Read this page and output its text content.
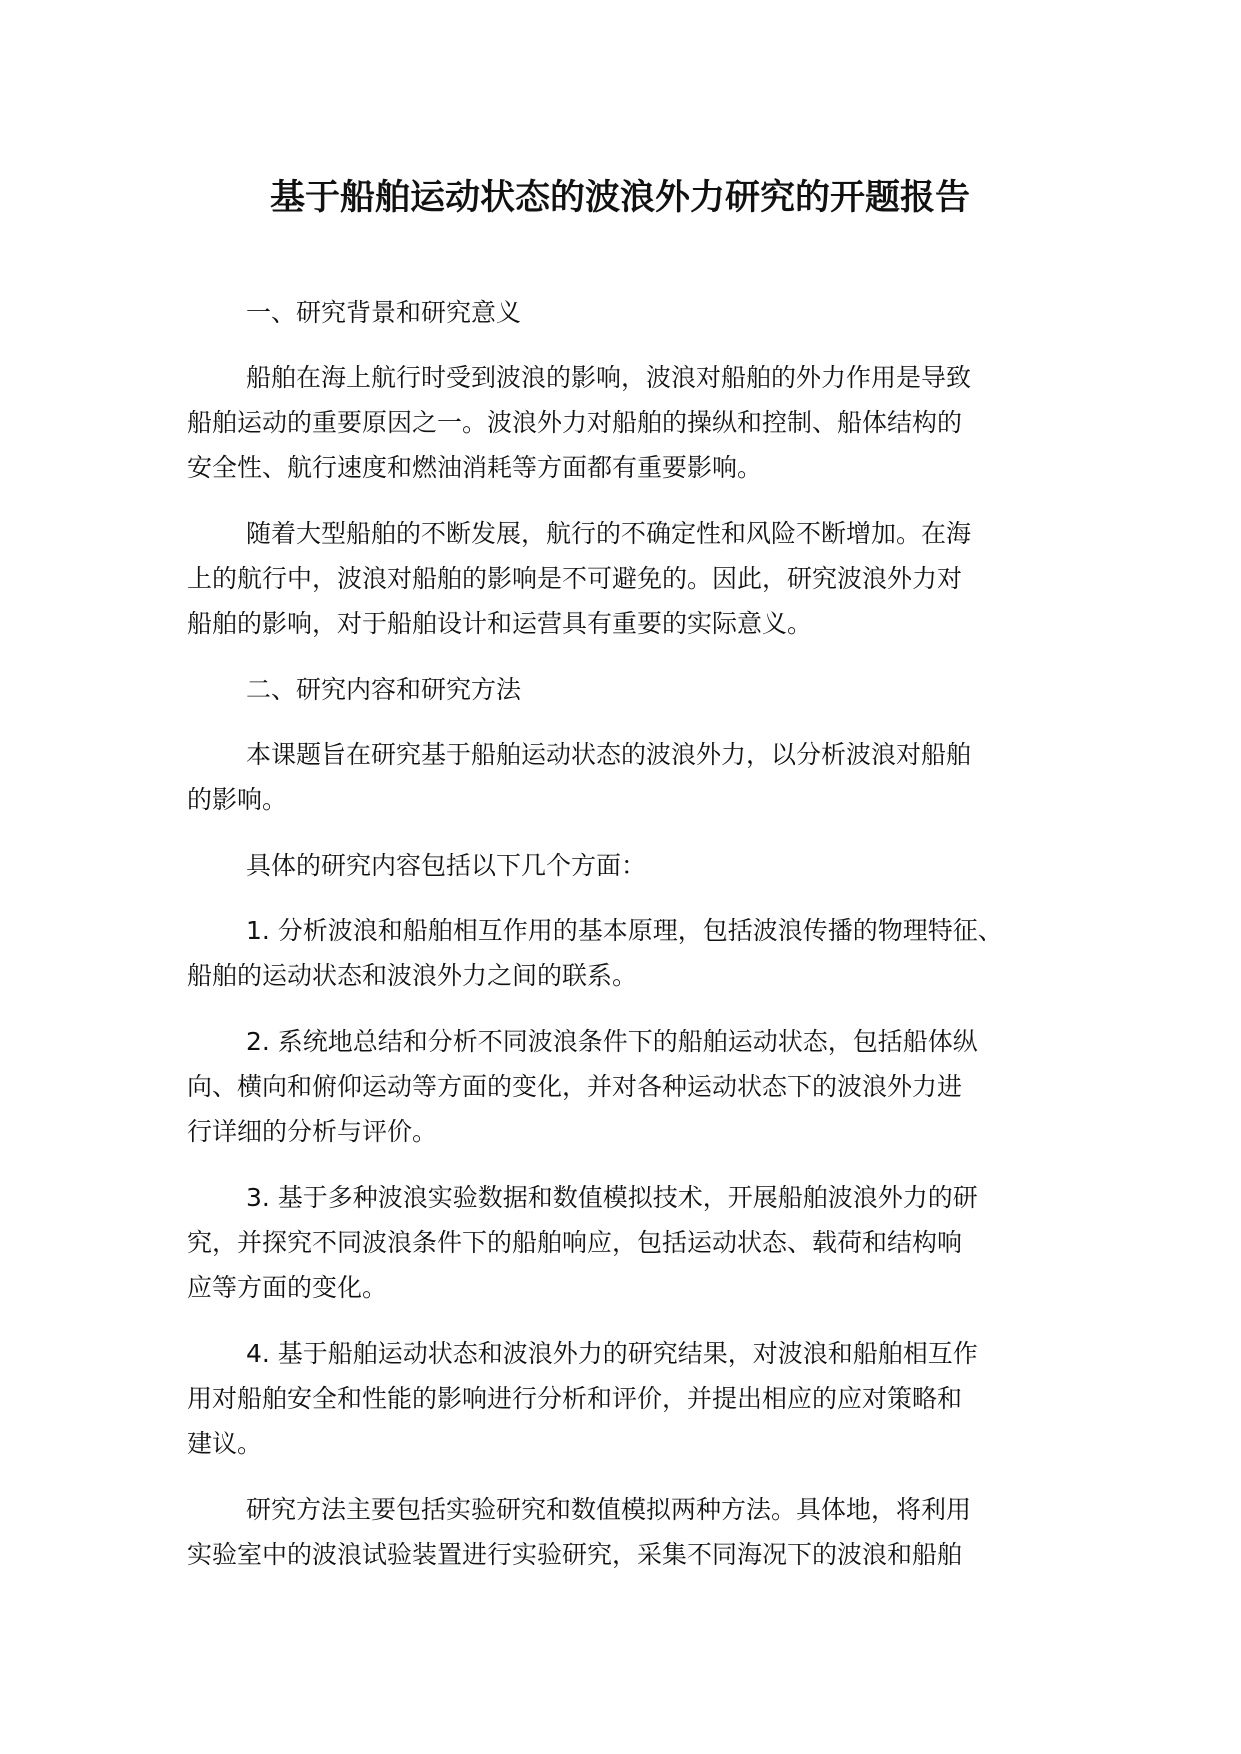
基于船舶运动状态的波浪外力研究的开题报告

一、研究背景和研究意义

船舶在海上航行时受到波浪的影响，波浪对船舶的外力作用是导致

船舶运动的重要原因之一。波浪外力对船舶的操纵和控制、船体结构的

安全性、航行速度和燃油消耗等方面都有重要影响。

随着大型船舶的不断发展，航行的不确定性和风险不断增加。在海

上的航行中，波浪对船舶的影响是不可避免的。因此，研究波浪外力对

船舶的影响，对于船舶设计和运营具有重要的实际意义。

二、研究内容和研究方法

本课题旨在研究基于船舶运动状态的波浪外力，以分析波浪对船舶

的影响。

具体的研究内容包括以下几个方面：

1. 分析波浪和船舶相互作用的基本原理，包括波浪传播的物理特征、

船舶的运动状态和波浪外力之间的联系。

2. 系统地总结和分析不同波浪条件下的船舶运动状态，包括船体纵

向、横向和俯仰运动等方面的变化，并对各种运动状态下的波浪外力进

行详细的分析与评价。

3. 基于多种波浪实验数据和数值模拟技术，开展船舶波浪外力的研

究，并探究不同波浪条件下的船舶响应，包括运动状态、载荷和结构响

应等方面的变化。

4. 基于船舶运动状态和波浪外力的研究结果，对波浪和船舶相互作

用对船舶安全和性能的影响进行分析和评价，并提出相应的应对策略和

建议。

研究方法主要包括实验研究和数值模拟两种方法。具体地，将利用

实验室中的波浪试验装置进行实验研究，采集不同海况下的波浪和船舶
